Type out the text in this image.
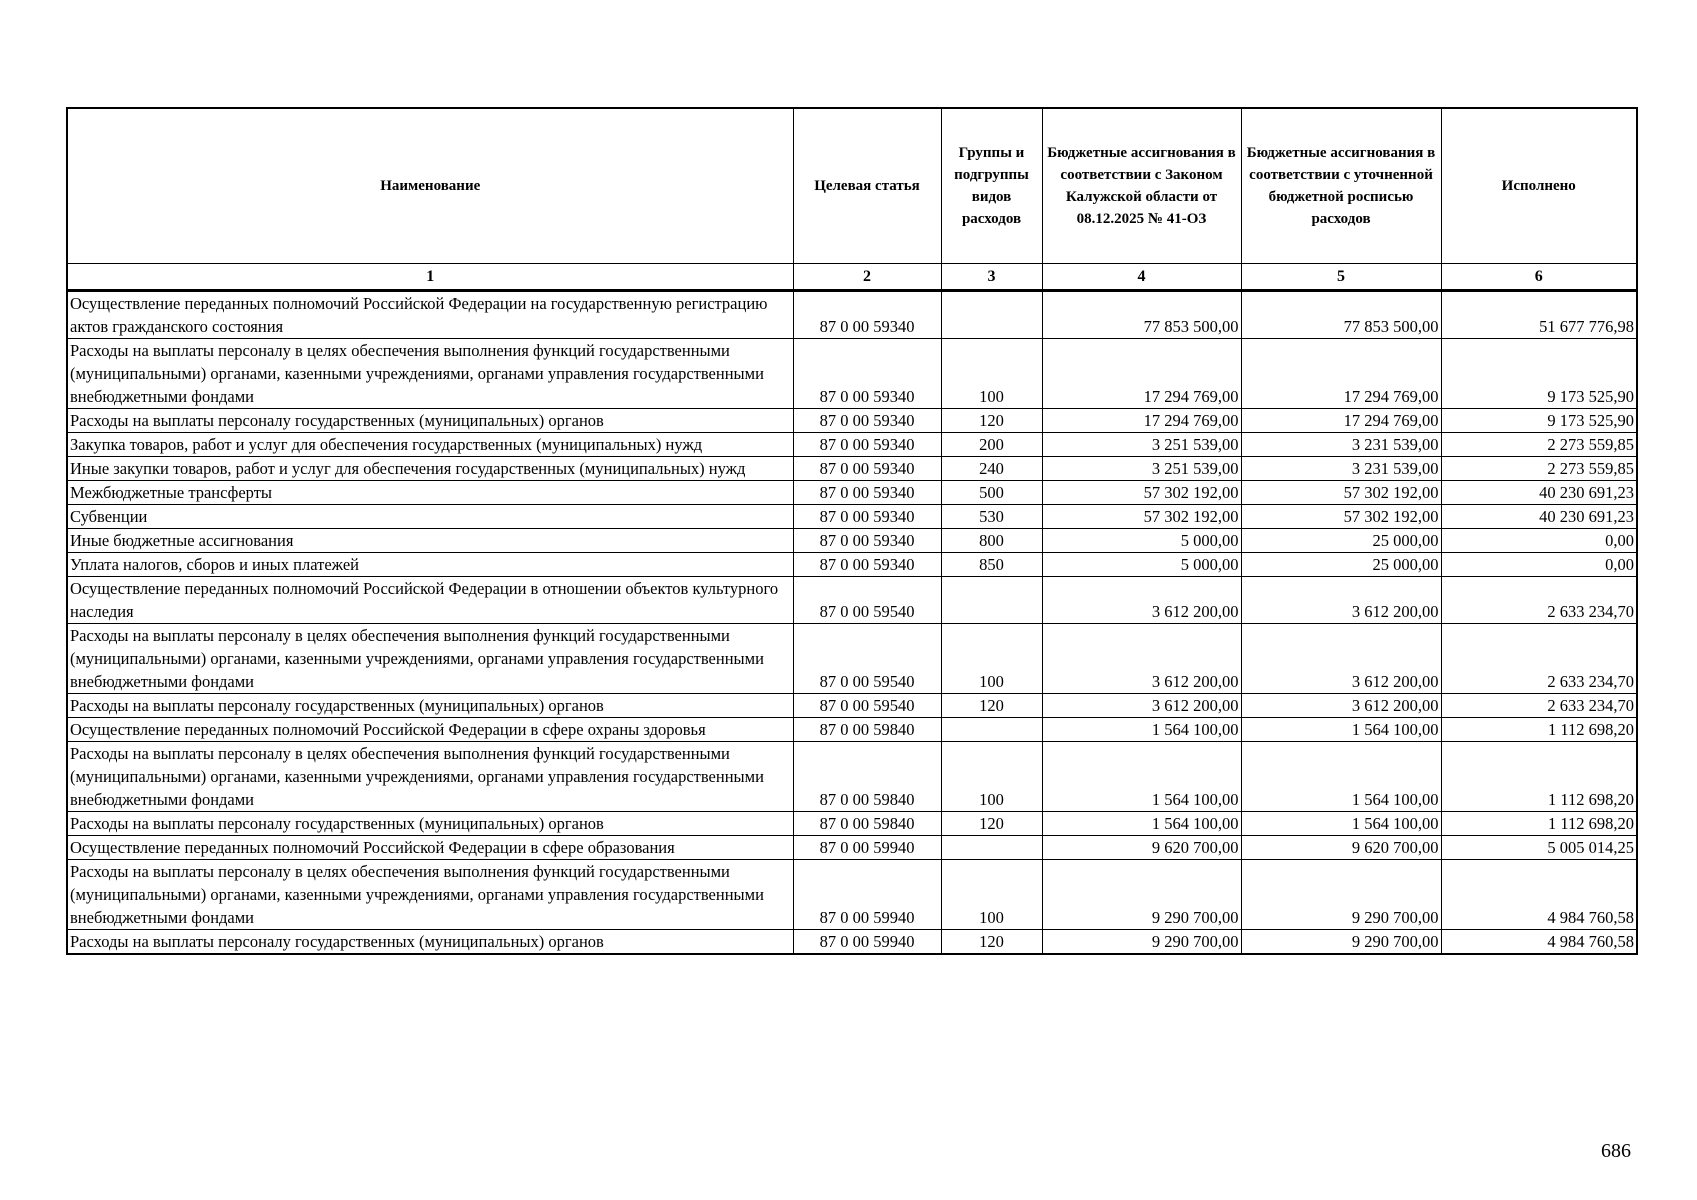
Наименование	Целевая статья	Группы и подгруппы видов расходов	Бюджетные ассигнования в соответствии с Законом Калужской области от 08.12.2025 № 41-ОЗ	Бюджетные ассигнования в соответствии с уточненной бюджетной росписью расходов	Исполнено
1	2	3	4	5	6
Осуществление переданных полномочий Российской Федерации на государственную регистрацию актов гражданского состояния	87 0 00 59340		77 853 500,00	77 853 500,00	51 677 776,98
Расходы на выплаты персоналу в целях обеспечения выполнения функций государственными (муниципальными) органами, казенными учреждениями, органами управления государственными внебюджетными фондами	87 0 00 59340	100	17 294 769,00	17 294 769,00	9 173 525,90
Расходы на выплаты персоналу государственных (муниципальных) органов	87 0 00 59340	120	17 294 769,00	17 294 769,00	9 173 525,90
Закупка товаров, работ и услуг для обеспечения государственных (муниципальных) нужд	87 0 00 59340	200	3 251 539,00	3 231 539,00	2 273 559,85
Иные закупки товаров, работ и услуг для обеспечения государственных (муниципальных) нужд	87 0 00 59340	240	3 251 539,00	3 231 539,00	2 273 559,85
Межбюджетные трансферты	87 0 00 59340	500	57 302 192,00	57 302 192,00	40 230 691,23
Субвенции	87 0 00 59340	530	57 302 192,00	57 302 192,00	40 230 691,23
Иные бюджетные ассигнования	87 0 00 59340	800	5 000,00	25 000,00	0,00
Уплата налогов, сборов и иных платежей	87 0 00 59340	850	5 000,00	25 000,00	0,00
Осуществление переданных полномочий Российской Федерации в отношении объектов культурного наследия	87 0 00 59540		3 612 200,00	3 612 200,00	2 633 234,70
Расходы на выплаты персоналу в целях обеспечения выполнения функций государственными (муниципальными) органами, казенными учреждениями, органами управления государственными внебюджетными фондами	87 0 00 59540	100	3 612 200,00	3 612 200,00	2 633 234,70
Расходы на выплаты персоналу государственных (муниципальных) органов	87 0 00 59540	120	3 612 200,00	3 612 200,00	2 633 234,70
Осуществление переданных полномочий Российской Федерации в сфере охраны здоровья	87 0 00 59840		1 564 100,00	1 564 100,00	1 112 698,20
Расходы на выплаты персоналу в целях обеспечения выполнения функций государственными (муниципальными) органами, казенными учреждениями, органами управления государственными внебюджетными фондами	87 0 00 59840	100	1 564 100,00	1 564 100,00	1 112 698,20
Расходы на выплаты персоналу государственных (муниципальных) органов	87 0 00 59840	120	1 564 100,00	1 564 100,00	1 112 698,20
Осуществление переданных полномочий Российской Федерации в сфере образования	87 0 00 59940		9 620 700,00	9 620 700,00	5 005 014,25
Расходы на выплаты персоналу в целях обеспечения выполнения функций государственными (муниципальными) органами, казенными учреждениями, органами управления государственными внебюджетными фондами	87 0 00 59940	100	9 290 700,00	9 290 700,00	4 984 760,58
Расходы на выплаты персоналу государственных (муниципальных) органов	87 0 00 59940	120	9 290 700,00	9 290 700,00	4 984 760,58
686
